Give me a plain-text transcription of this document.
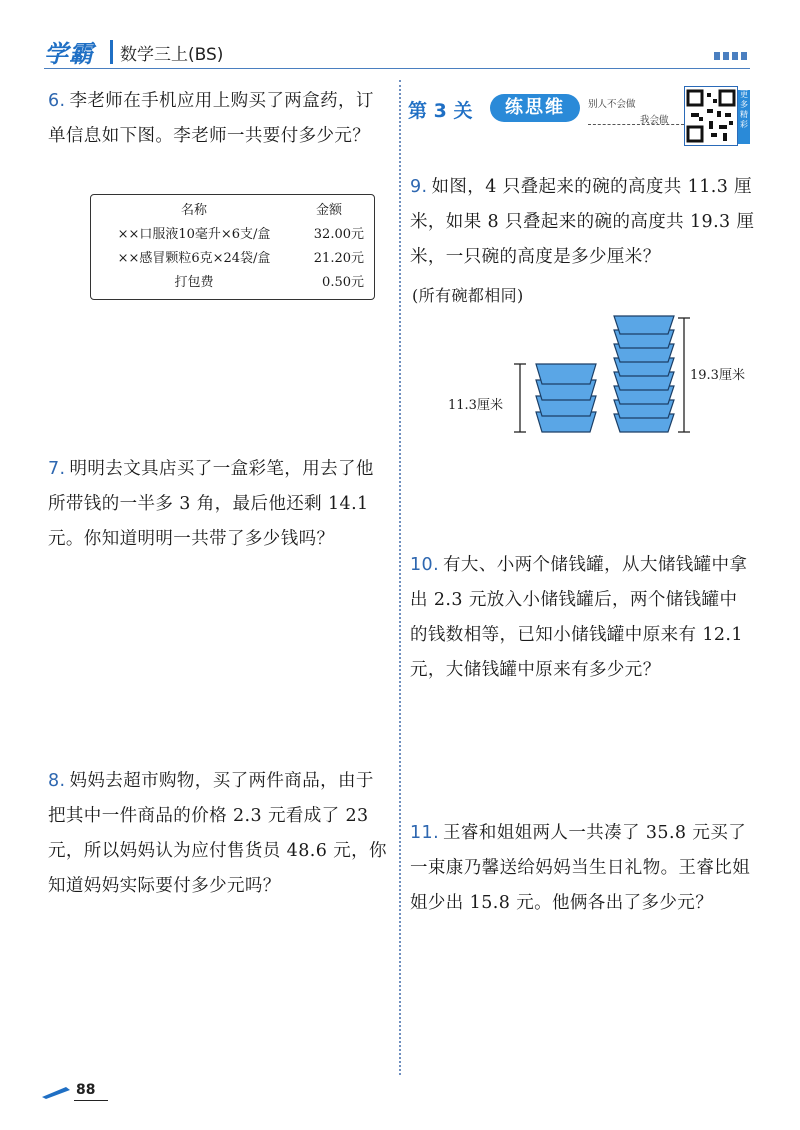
学霸 数学三上(BS)
6. 李老师在手机应用上购买了两盒药，订单信息如下图。李老师一共要付多少元？
名称	金额
××口服液10毫升×6支/盒	32.00元
××感冒颗粒6克×24袋/盒	21.20元
打包费	0.50元
7. 明明去文具店买了一盒彩笔，用去了他所带钱的一半多 3 角，最后他还剩 14.1 元。你知道明明一共带了多少钱吗？
8. 妈妈去超市购物，买了两件商品，由于把其中一件商品的价格 2.3 元看成了 23 元，所以妈妈认为应付售货员 48.6 元，你知道妈妈实际要付多少元吗？
第 3 关	练思维	别人不会做
我会做
更多精彩
9. 如图，4 只叠起来的碗的高度共 11.3 厘米，如果 8 只叠起来的碗的高度共 19.3 厘米，一只碗的高度是多少厘米？
(所有碗都相同)
11.3厘米
19.3厘米
10. 有大、小两个储钱罐，从大储钱罐中拿出 2.3 元放入小储钱罐后，两个储钱罐中的钱数相等，已知小储钱罐中原来有 12.1 元，大储钱罐中原来有多少元？
11. 王睿和姐姐两人一共凑了 35.8 元买了一束康乃馨送给妈妈当生日礼物。王睿比姐姐少出 15.8 元。他俩各出了多少元？
88
